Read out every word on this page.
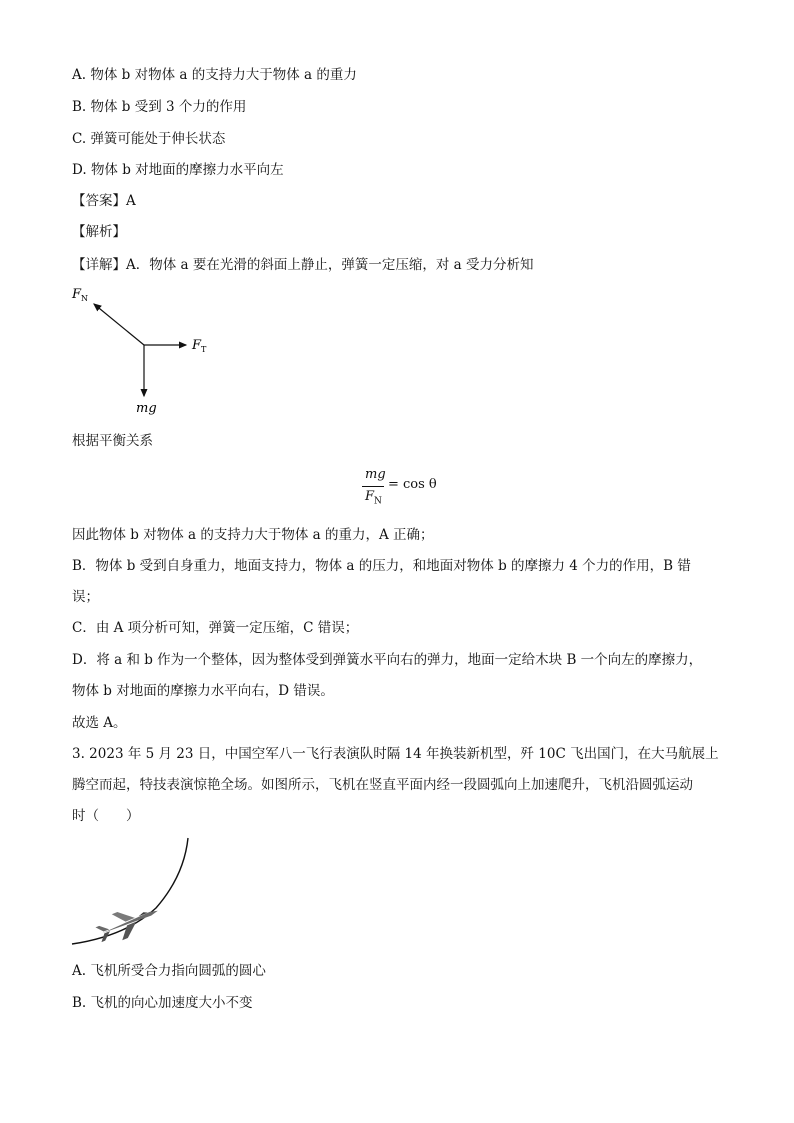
A. 物体 b 对物体 a 的支持力大于物体 a 的重力
B. 物体 b 受到 3 个力的作用
C. 弹簧可能处于伸长状态
D. 物体 b 对地面的摩擦力水平向左
【答案】A
【解析】
【详解】A．物体 a 要在光滑的斜面上静止，弹簧一定压缩，对 a 受力分析知
$F_N$
$F_T$
mg
根据平衡关系
mg
$F_N$
= cos θ
因此物体 b 对物体 a 的支持力大于物体 a 的重力，A 正确；
B．物体 b 受到自身重力，地面支持力，物体 a 的压力，和地面对物体 b 的摩擦力 4 个力的作用，B 错
误；
C．由 A 项分析可知，弹簧一定压缩，C 错误；
D．将 a 和 b 作为一个整体，因为整体受到弹簧水平向右的弹力，地面一定给木块 B 一个向左的摩擦力，
物体 b 对地面的摩擦力水平向右，D 错误。
故选 A。
3. 2023 年 5 月 23 日，中国空军八一飞行表演队时隔 14 年换装新机型，歼 10C 飞出国门，在大马航展上
腾空而起，特技表演惊艳全场。如图所示，飞机在竖直平面内经一段圆弧向上加速爬升，飞机沿圆弧运动
时（　　）
A. 飞机所受合力指向圆弧的圆心
B. 飞机的向心加速度大小不变
